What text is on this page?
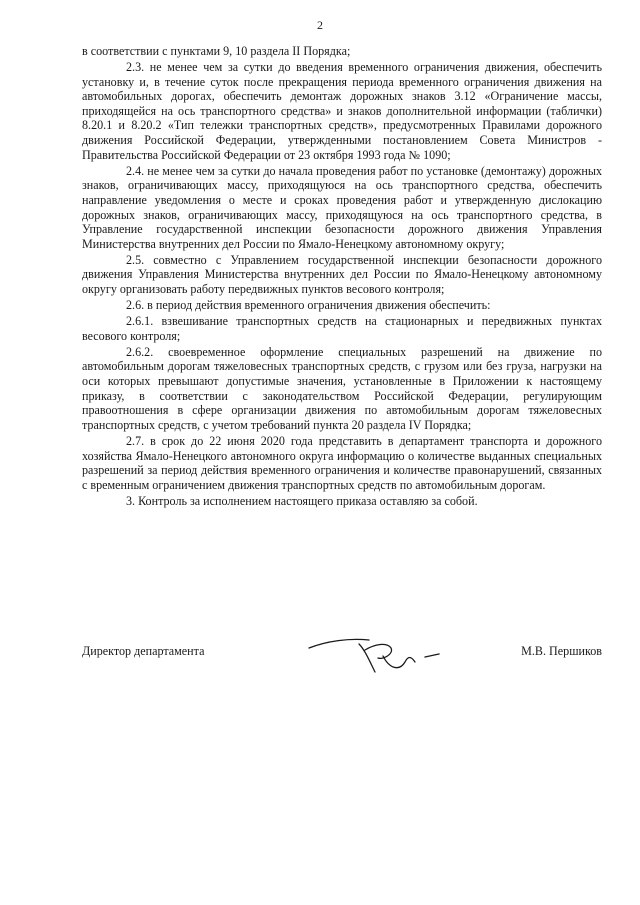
2

в соответствии с пунктами 9, 10 раздела II Порядка;

2.3. не менее чем за сутки до введения временного ограничения движения, обеспечить установку и, в течение суток после прекращения периода временного ограничения движения на автомобильных дорогах, обеспечить демонтаж дорожных знаков 3.12 «Ограничение массы, приходящейся на ось транспортного средства» и знаков дополнительной информации (таблички) 8.20.1 и 8.20.2 «Тип тележки транспортных средств», предусмотренных Правилами дорожного движения Российской Федерации, утвержденными постановлением Совета Министров - Правительства Российской Федерации от 23 октября 1993 года № 1090;

2.4. не менее чем за сутки до начала проведения работ по установке (демонтажу) дорожных знаков, ограничивающих массу, приходящуюся на ось транспортного средства, обеспечить направление уведомления о месте и сроках проведения работ и утвержденную дислокацию дорожных знаков, ограничивающих массу, приходящуюся на ось транспортного средства, в Управление государственной инспекции безопасности дорожного движения Управления Министерства внутренних дел России по Ямало-Ненецкому автономному округу;

2.5. совместно с Управлением государственной инспекции безопасности дорожного движения Управления Министерства внутренних дел России по Ямало-Ненецкому автономному округу организовать работу передвижных пунктов весового контроля;

2.6. в период действия временного ограничения движения обеспечить:

2.6.1. взвешивание транспортных средств на стационарных и передвижных пунктах весового контроля;

2.6.2. своевременное оформление специальных разрешений на движение по автомобильным дорогам тяжеловесных транспортных средств, с грузом или без груза, нагрузки на оси которых превышают допустимые значения, установленные в Приложении к настоящему приказу, в соответствии с законодательством Российской Федерации, регулирующим правоотношения в сфере организации движения по автомобильным дорогам тяжеловесных транспортных средств, с учетом требований пункта 20 раздела IV Порядка;

2.7. в срок до 22 июня 2020 года представить в департамент транспорта и дорожного хозяйства Ямало-Ненецкого автономного округа информацию о количестве выданных специальных разрешений за период действия временного ограничения и количестве правонарушений, связанных с временным ограничением движения транспортных средств по автомобильным дорогам.

3. Контроль за исполнением настоящего приказа оставляю за собой.

Директор департамента	М.В. Першиков
